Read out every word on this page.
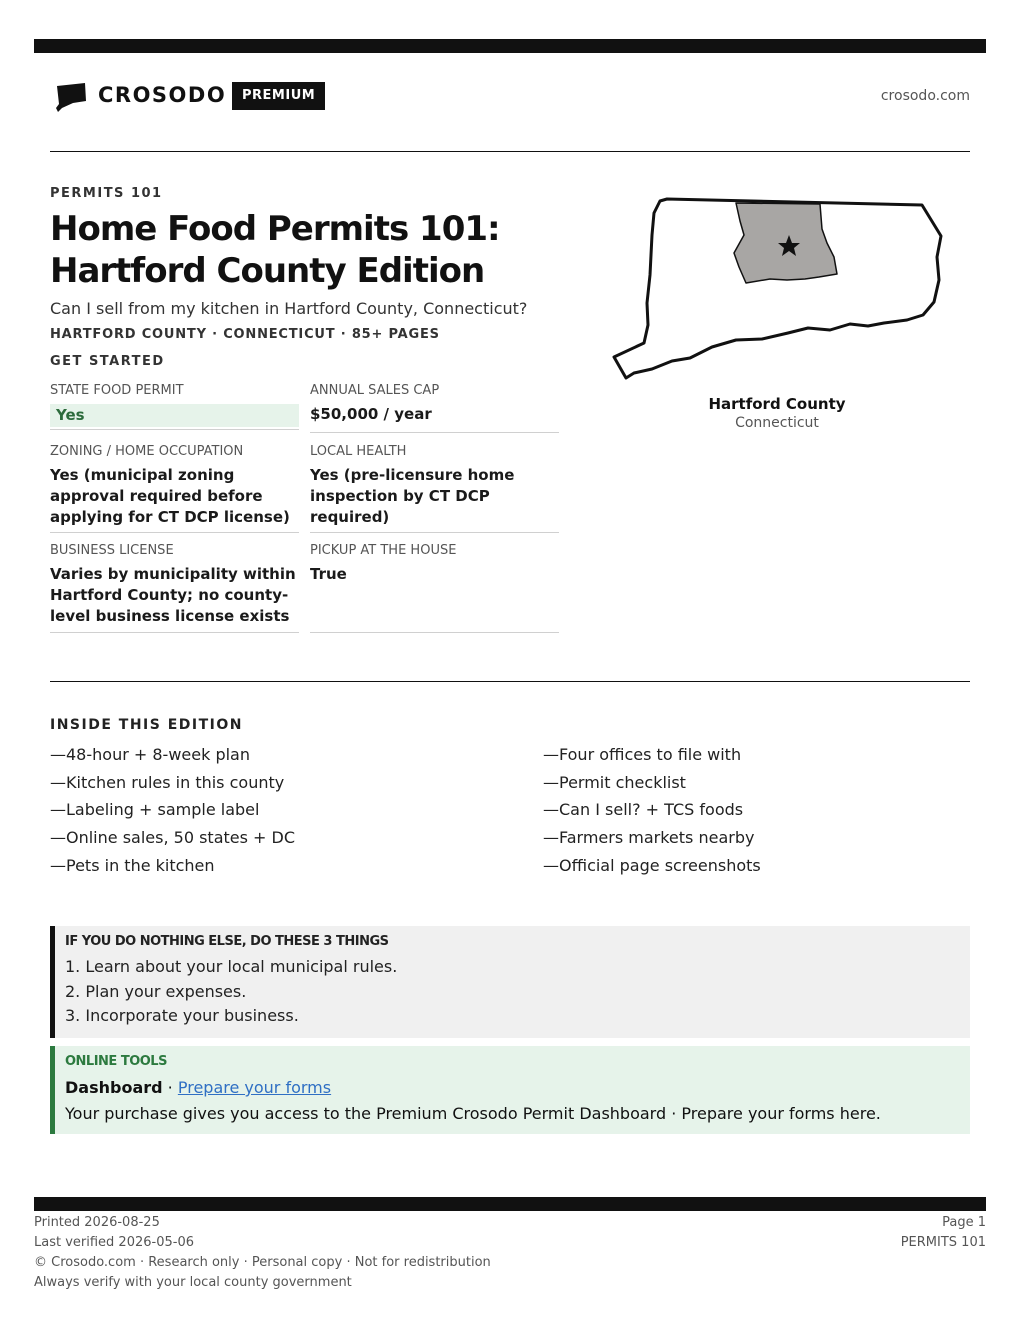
CROSODO	PREMIUM	crosodo.com
PERMITS 101
Home Food Permits 101:
Hartford County Edition
Can I sell from my kitchen in Hartford County, Connecticut?
HARTFORD COUNTY · CONNECTICUT · 85+ PAGES
GET STARTED
STATE FOOD PERMIT
Yes
ANNUAL SALES CAP
$50,000 / year
ZONING / HOME OCCUPATION
Yes (municipal zoning approval required before applying for CT DCP license)
LOCAL HEALTH
Yes (pre-licensure home inspection by CT DCP required)
BUSINESS LICENSE
Varies by municipality within Hartford County; no county-level business license exists
PICKUP AT THE HOUSE
True
Hartford County
Connecticut
INSIDE THIS EDITION
—48-hour + 8-week plan
—Kitchen rules in this county
—Labeling + sample label
—Online sales, 50 states + DC
—Pets in the kitchen
—Four offices to file with
—Permit checklist
—Can I sell? + TCS foods
—Farmers markets nearby
—Official page screenshots
IF YOU DO NOTHING ELSE, DO THESE 3 THINGS
1. Learn about your local municipal rules.
2. Plan your expenses.
3. Incorporate your business.
ONLINE TOOLS
Dashboard · Prepare your forms
Your purchase gives you access to the Premium Crosodo Permit Dashboard · Prepare your forms here.
Printed 2026-08-25
Last verified 2026-05-06
© Crosodo.com · Research only · Personal copy · Not for redistribution
Always verify with your local county government
Page 1
PERMITS 101
